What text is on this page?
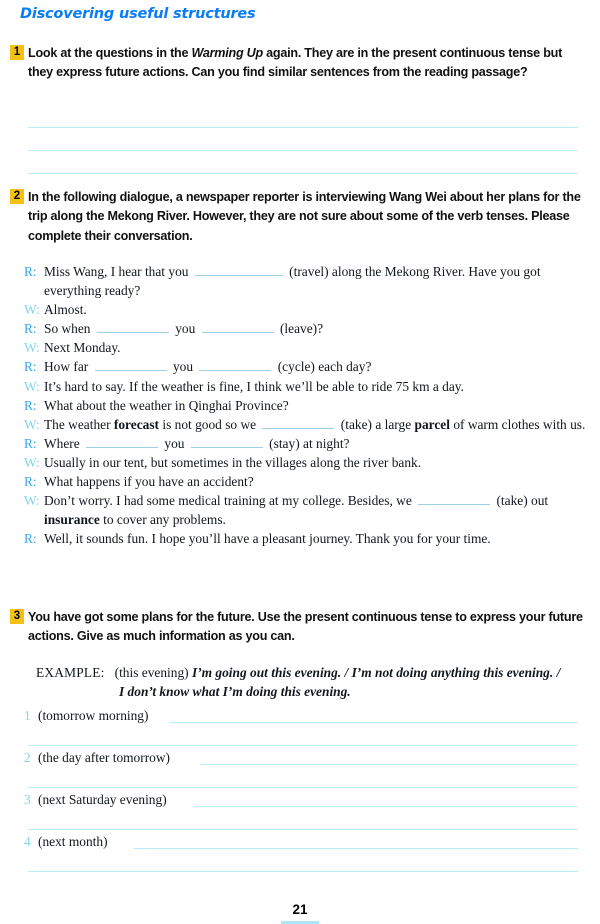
Discovering useful structures
1 Look at the questions in the Warming Up again. They are in the present continuous tense but they express future actions. Can you find similar sentences from the reading passage?
2 In the following dialogue, a newspaper reporter is interviewing Wang Wei about her plans for the trip along the Mekong River. However, they are not sure about some of the verb tenses. Please complete their conversation.
R: Miss Wang, I hear that you	(travel) along the Mekong River. Have you got everything ready?
W: Almost.
R: So when	you	(leave)?
W: Next Monday.
R: How far	you	(cycle) each day?
W: It’s hard to say. If the weather is fine, I think we’ll be able to ride 75 km a day.
R: What about the weather in Qinghai Province?
W: The weather forecast is not good so we	(take) a large parcel of warm clothes with us.
R: Where	you	(stay) at night?
W: Usually in our tent, but sometimes in the villages along the river bank.
R: What happens if you have an accident?
W: Don’t worry. I had some medical training at my college. Besides, we	(take) out insurance to cover any problems.
R: Well, it sounds fun. I hope you’ll have a pleasant journey. Thank you for your time.
3 You have got some plans for the future. Use the present continuous tense to express your future actions. Give as much information as you can.
EXAMPLE: (this evening) I’m going out this evening. / I’m not doing anything this evening. /
I don’t know what I’m doing this evening.
1 (tomorrow morning)
2 (the day after tomorrow)
3 (next Saturday evening)
4 (next month)
21
